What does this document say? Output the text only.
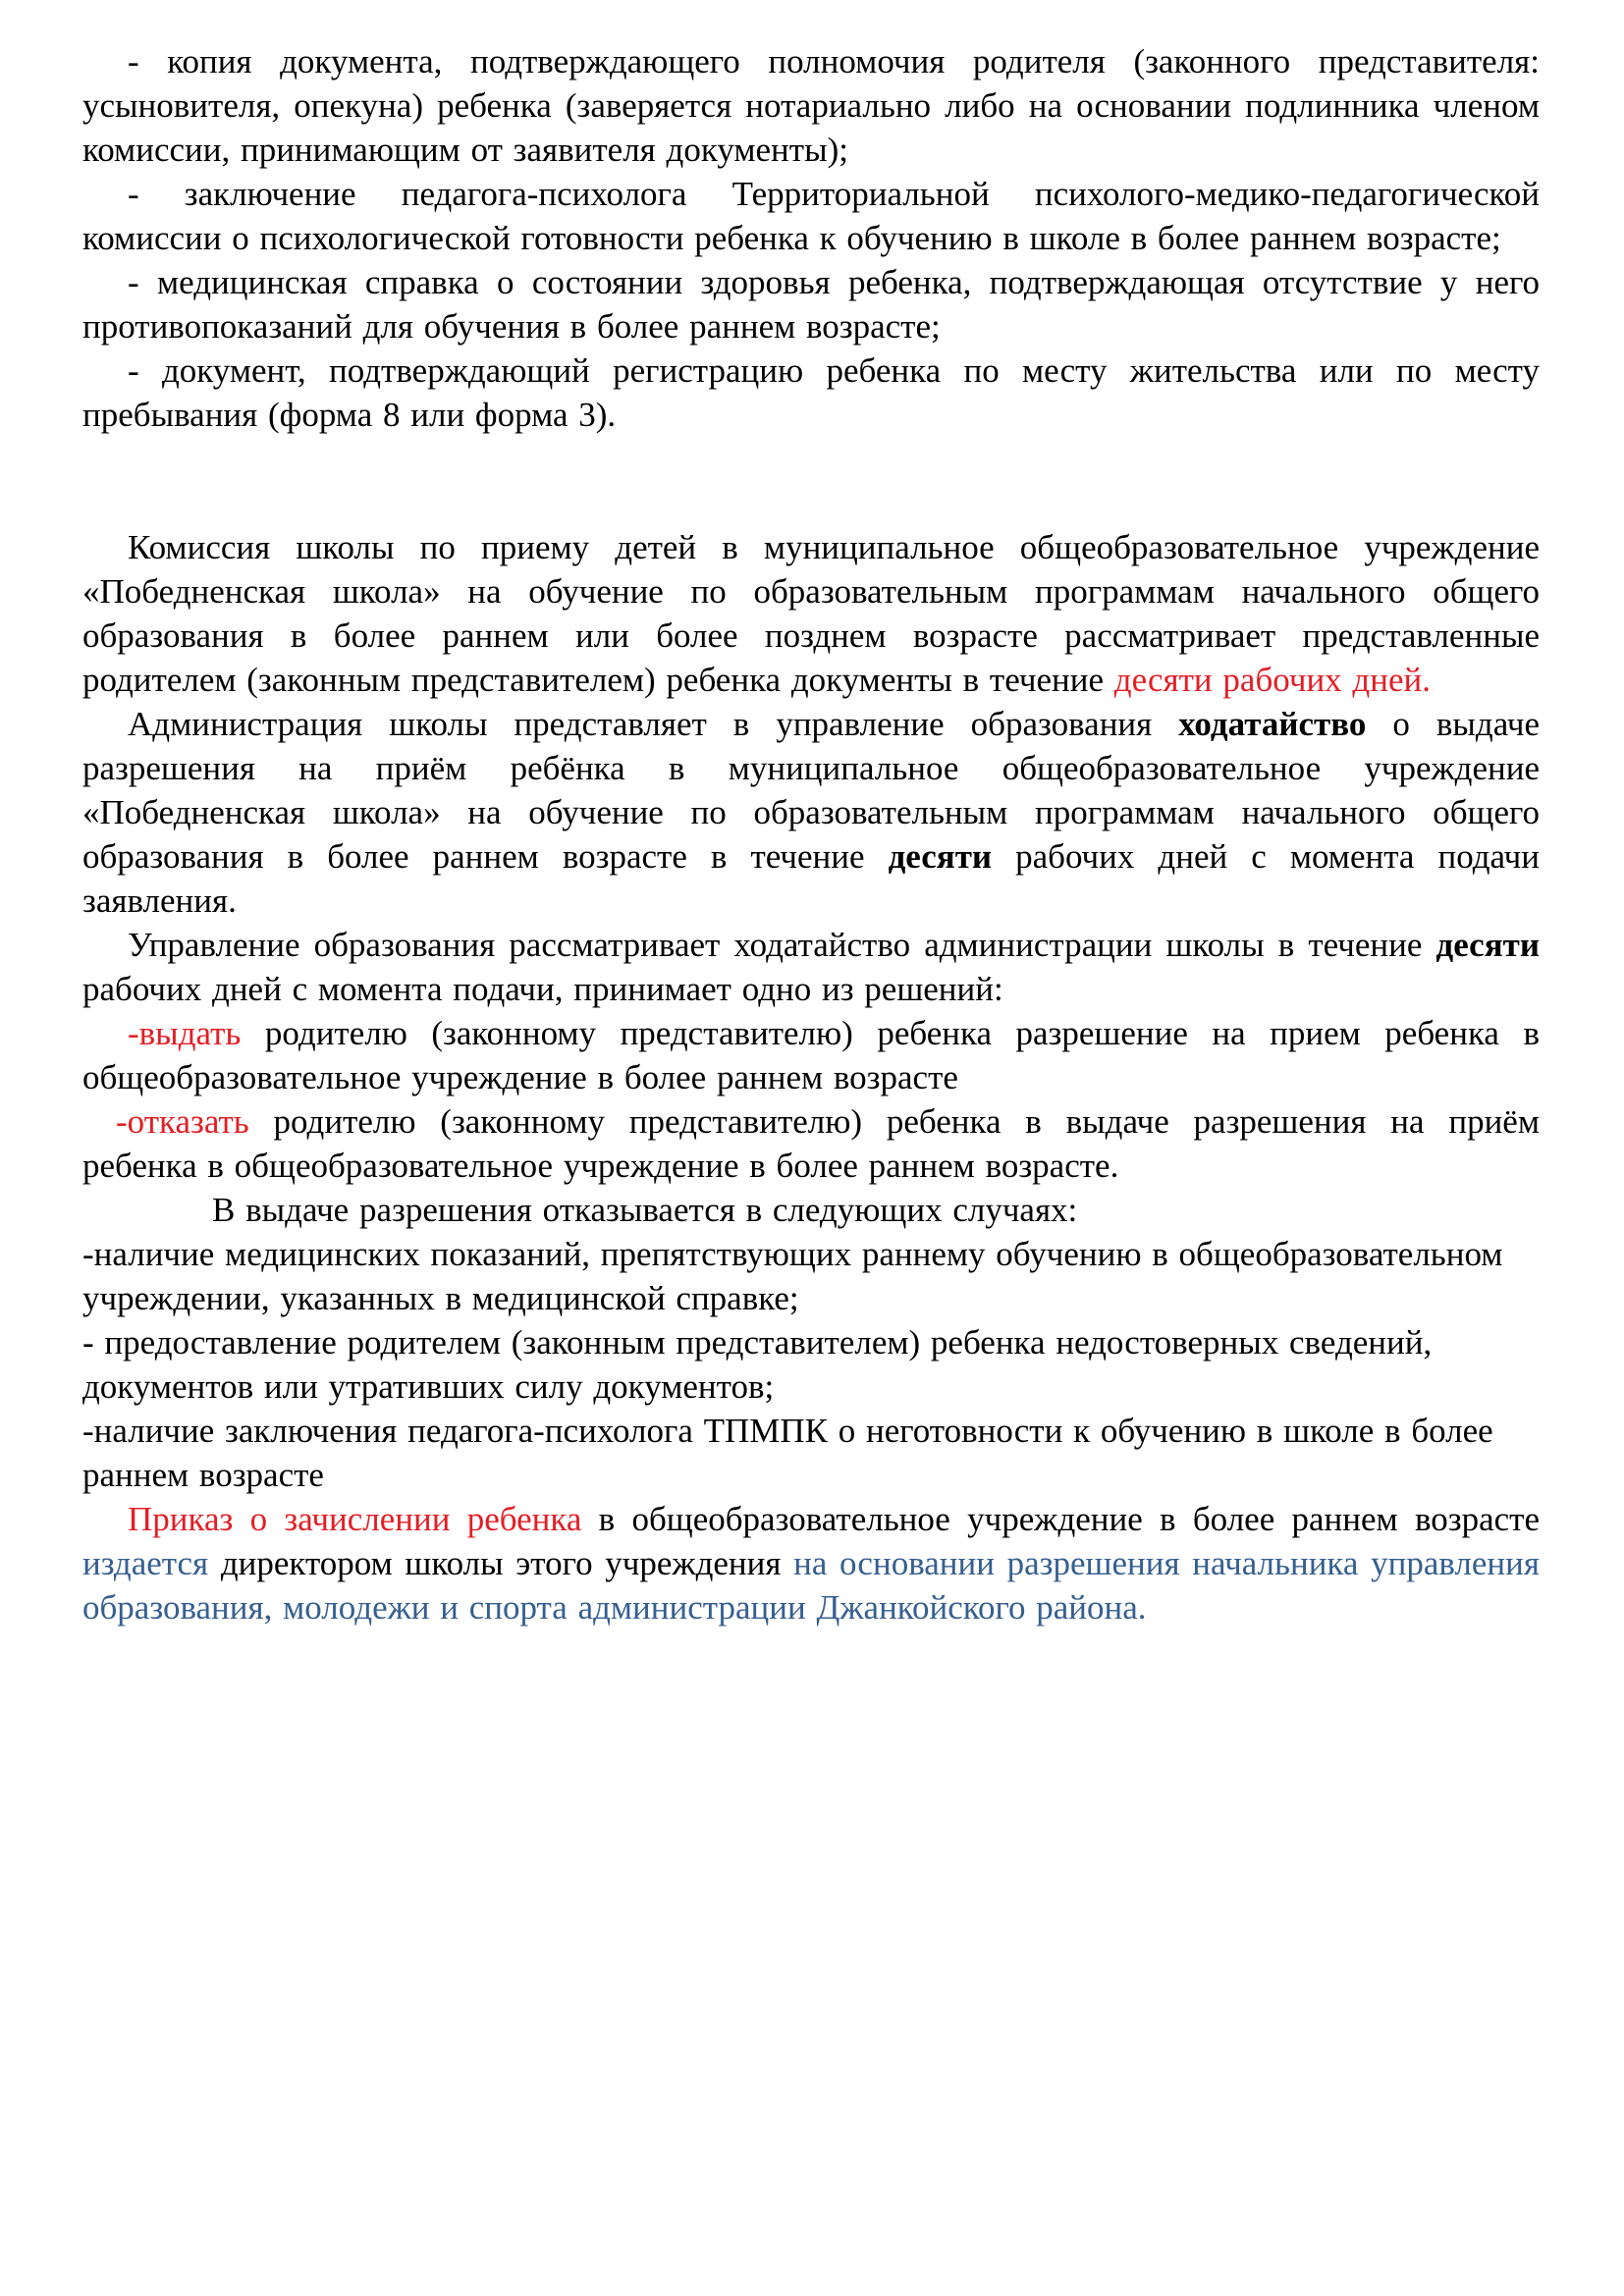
- копия документа, подтверждающего полномочия родителя (законного представителя: усыновителя, опекуна) ребенка (заверяется нотариально либо на основании подлинника членом комиссии, принимающим от заявителя документы);

- заключение педагога-психолога Территориальной психолого-медико-педагогической комиссии о психологической готовности ребенка к обучению в школе в более раннем возрасте;

- медицинская справка о состоянии здоровья ребенка, подтверждающая отсутствие у него противопоказаний для обучения в более раннем возрасте;

- документ, подтверждающий регистрацию ребенка по месту жительства или по месту пребывания (форма 8 или форма 3).

Комиссия школы по приему детей в муниципальное общеобразовательное учреждение «Победненская школа» на обучение по образовательным программам начального общего образования в более раннем или более позднем возрасте рассматривает представленные родителем (законным представителем) ребенка документы в течение десяти рабочих дней.

Администрация школы представляет в управление образования ходатайство о выдаче разрешения на приём ребёнка в муниципальное общеобразовательное учреждение «Победненская школа» на обучение по образовательным программам начального общего образования в более раннем возрасте в течение десяти рабочих дней с момента подачи заявления.

Управление образования рассматривает ходатайство администрации школы в течение десяти рабочих дней с момента подачи, принимает одно из решений:

-выдать родителю (законному представителю) ребенка разрешение на прием ребенка в общеобразовательное учреждение в более раннем возрасте

-отказать родителю (законному представителю) ребенка в выдаче разрешения на приём ребенка в общеобразовательное учреждение в более раннем возрасте.

В выдаче разрешения отказывается в следующих случаях:

-наличие медицинских показаний, препятствующих раннему обучению в общеобразовательном учреждении, указанных в медицинской справке;

- предоставление родителем (законным представителем) ребенка недостоверных сведений, документов или утративших силу документов;

-наличие заключения педагога-психолога ТПМПК о неготовности к обучению в школе в более раннем возрасте

Приказ о зачислении ребенка в общеобразовательное учреждение в более раннем возрасте издается директором школы этого учреждения на основании разрешения начальника управления образования, молодежи и спорта администрации Джанкойского района.
